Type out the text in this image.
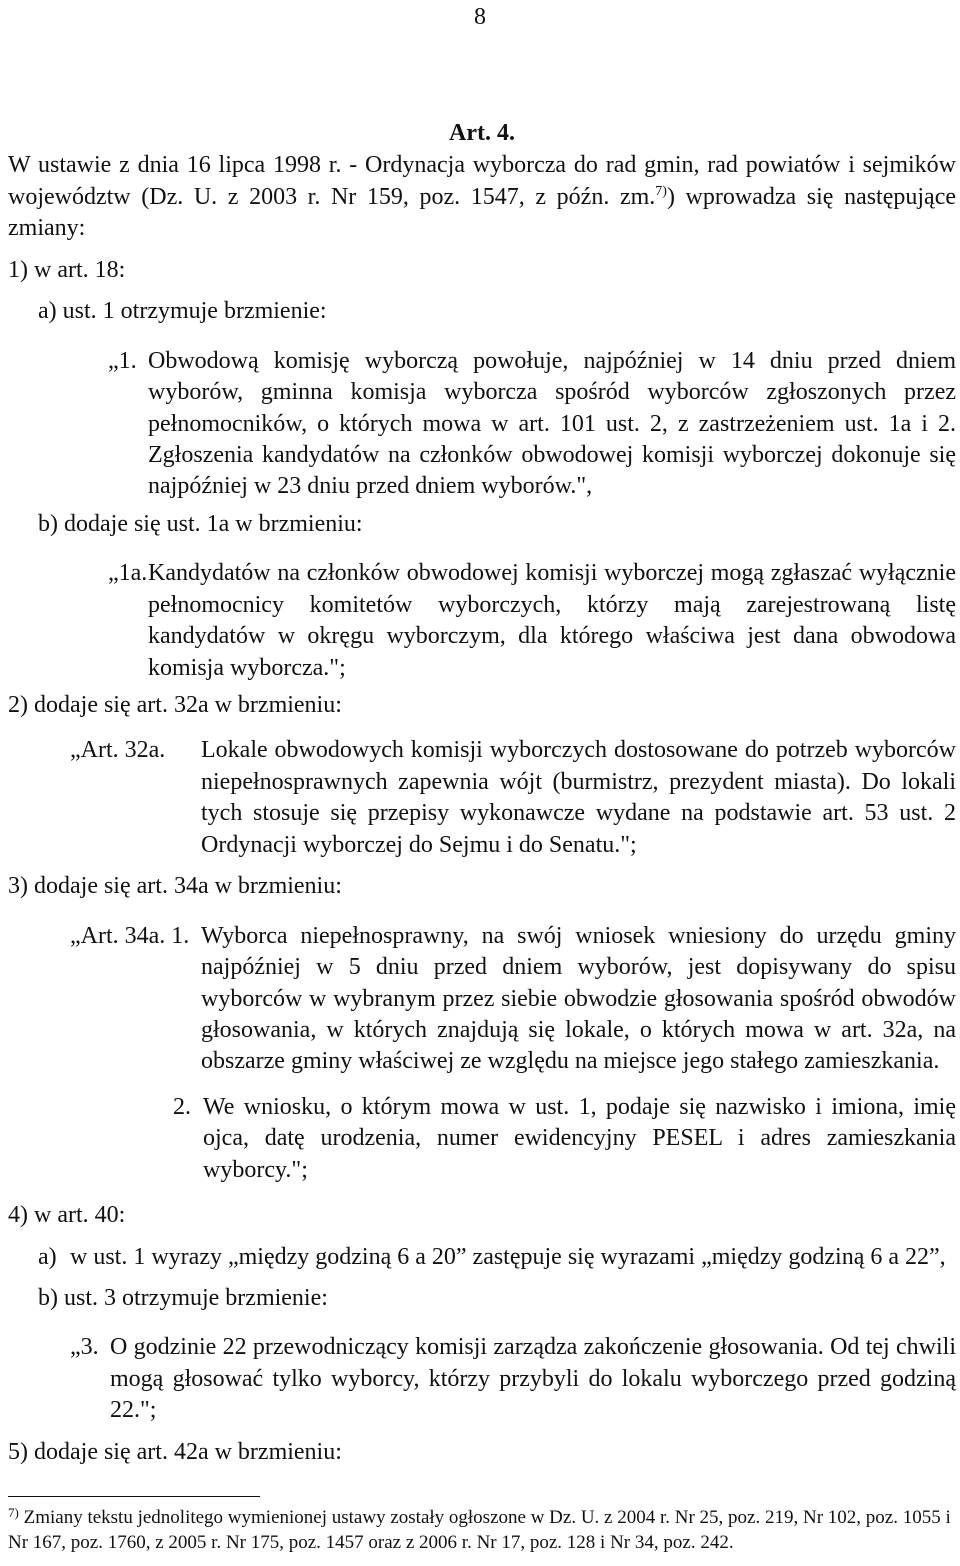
8
Art. 4.

W ustawie z dnia 16 lipca 1998 r. - Ordynacja wyborcza do rad gmin, rad powiatów i sejmików województw (Dz. U. z 2003 r. Nr 159, poz. 1547, z późn. zm.$^{7)}$) wprowadza się następujące zmiany:

1) w art. 18:

a) ust. 1 otrzymuje brzmienie:

„1. Obwodową komisję wyborczą powołuje, najpóźniej w 14 dniu przed dniem wyborów, gminna komisja wyborcza spośród wyborców zgłoszonych przez pełnomocników, o których mowa w art. 101 ust. 2, z zastrzeżeniem ust. 1a i 2. Zgłoszenia kandydatów na członków obwodowej komisji wyborczej dokonuje się najpóźniej w 23 dniu przed dniem wyborów.",

b) dodaje się ust. 1a w brzmieniu:

„1a. Kandydatów na członków obwodowej komisji wyborczej mogą zgłaszać wyłącznie pełnomocnicy komitetów wyborczych, którzy mają zarejestrowaną listę kandydatów w okręgu wyborczym, dla którego właściwa jest dana obwodowa komisja wyborcza.";

2) dodaje się art. 32a w brzmieniu:

„Art. 32a. Lokale obwodowych komisji wyborczych dostosowane do potrzeb wyborców niepełnosprawnych zapewnia wójt (burmistrz, prezydent miasta). Do lokali tych stosuje się przepisy wykonawcze wydane na podstawie art. 53 ust. 2 Ordynacji wyborczej do Sejmu i do Senatu.";

3) dodaje się art. 34a w brzmieniu:

„Art. 34a. 1. Wyborca niepełnosprawny, na swój wniosek wniesiony do urzędu gminy najpóźniej w 5 dniu przed dniem wyborów, jest dopisywany do spisu wyborców w wybranym przez siebie obwodzie głosowania spośród obwodów głosowania, w których znajdują się lokale, o których mowa w art. 32a, na obszarze gminy właściwej ze względu na miejsce jego stałego zamieszkania.
2. We wniosku, o którym mowa w ust. 1, podaje się nazwisko i imiona, imię ojca, datę urodzenia, numer ewidencyjny PESEL i adres zamieszkania wyborcy.";

4) w art. 40:

a) w ust. 1 wyrazy „między godziną 6 a 20” zastępuje się wyrazami „między godziną 6 a 22”,

b) ust. 3 otrzymuje brzmienie:

„3. O godzinie 22 przewodniczący komisji zarządza zakończenie głosowania. Od tej chwili mogą głosować tylko wyborcy, którzy przybyli do lokalu wyborczego przed godziną 22.";

5) dodaje się art. 42a w brzmieniu:

$^{7)}$ Zmiany tekstu jednolitego wymienionej ustawy zostały ogłoszone w Dz. U. z 2004 r. Nr 25, poz. 219, Nr 102, poz. 1055 i Nr 167, poz. 1760, z 2005 r. Nr 175, poz. 1457 oraz z 2006 r. Nr 17, poz. 128 i Nr 34, poz. 242.
